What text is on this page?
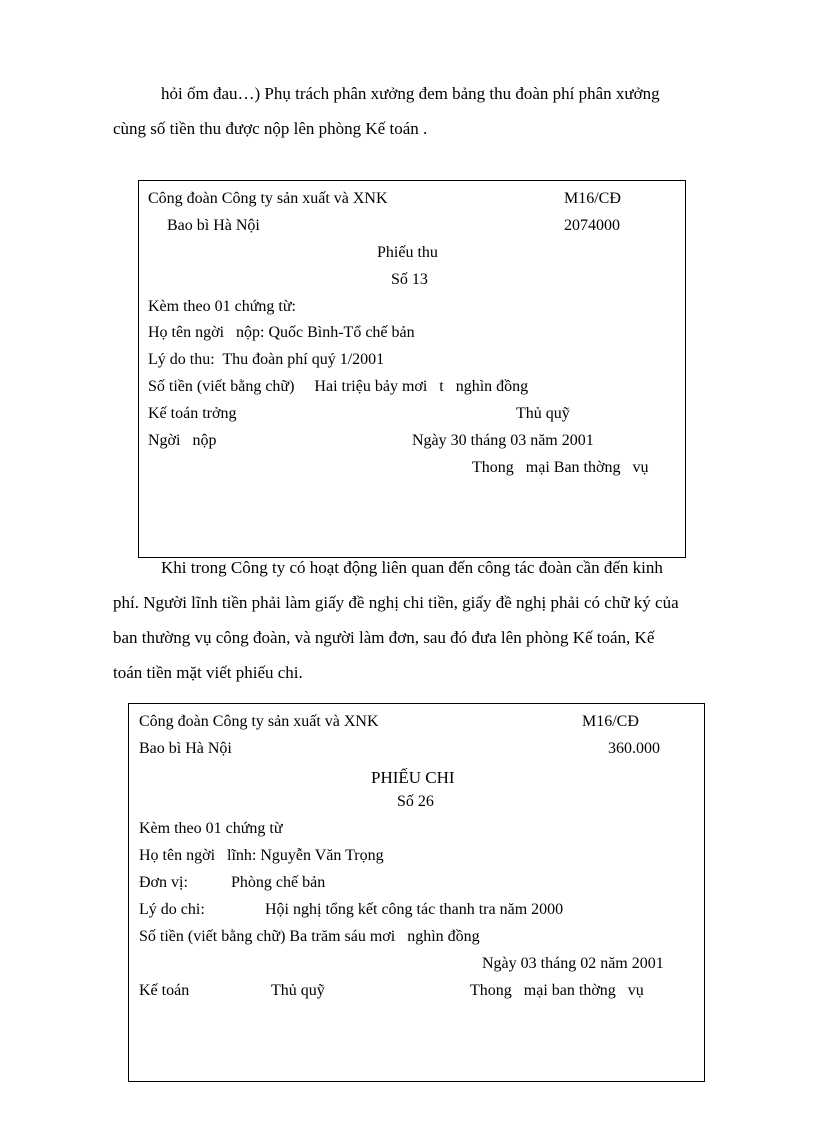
hỏi ốm đau…) Phụ trách phân xưởng đem bảng thu đoàn phí phân xưởng
cùng số tiền thu được nộp lên phòng Kế toán .
Công đoàn Công ty sản xuất và XNK	M16/CĐ
Bao bì Hà Nội	2074000
Phiếu thu
Số 13
Kèm theo 01 chứng từ:
Họ tên ngời   nộp: Quốc Bình-Tổ chế bản
Lý do thu:  Thu đoàn phí quý 1/2001
Số tiền (viết bằng chữ)     Hai triệu bảy mơi   t   nghìn đồng
Kế toán trởng	Thủ quỹ
Ngời   nộp	Ngày 30 tháng 03 năm 2001
Thong   mại Ban thờng   vụ
Khi trong Công ty có hoạt động liên quan đến công tác đoàn cần đến kinh
phí. Người lĩnh tiền phải làm giấy đề nghị chi tiền, giấy đề nghị phải có chữ ký của
ban thường vụ công đoàn, và người làm đơn, sau đó đưa lên phòng Kế toán, Kế
toán tiền mặt viết phiếu chi.
Công đoàn Công ty sản xuất và XNK	M16/CĐ
Bao bì Hà Nội	360.000
PHIẾU CHI
Số 26
Kèm theo 01 chứng từ
Họ tên ngời   lĩnh: Nguyễn Văn Trọng
Đơn vị:	Phòng chế bản
Lý do chi:	Hội nghị tổng kết công tác thanh tra năm 2000
Số tiền (viết bằng chữ) Ba trăm sáu mơi   nghìn đồng
Ngày 03 tháng 02 năm 2001
Kế toán	Thủ quỹ	Thong   mại ban thờng   vụ
